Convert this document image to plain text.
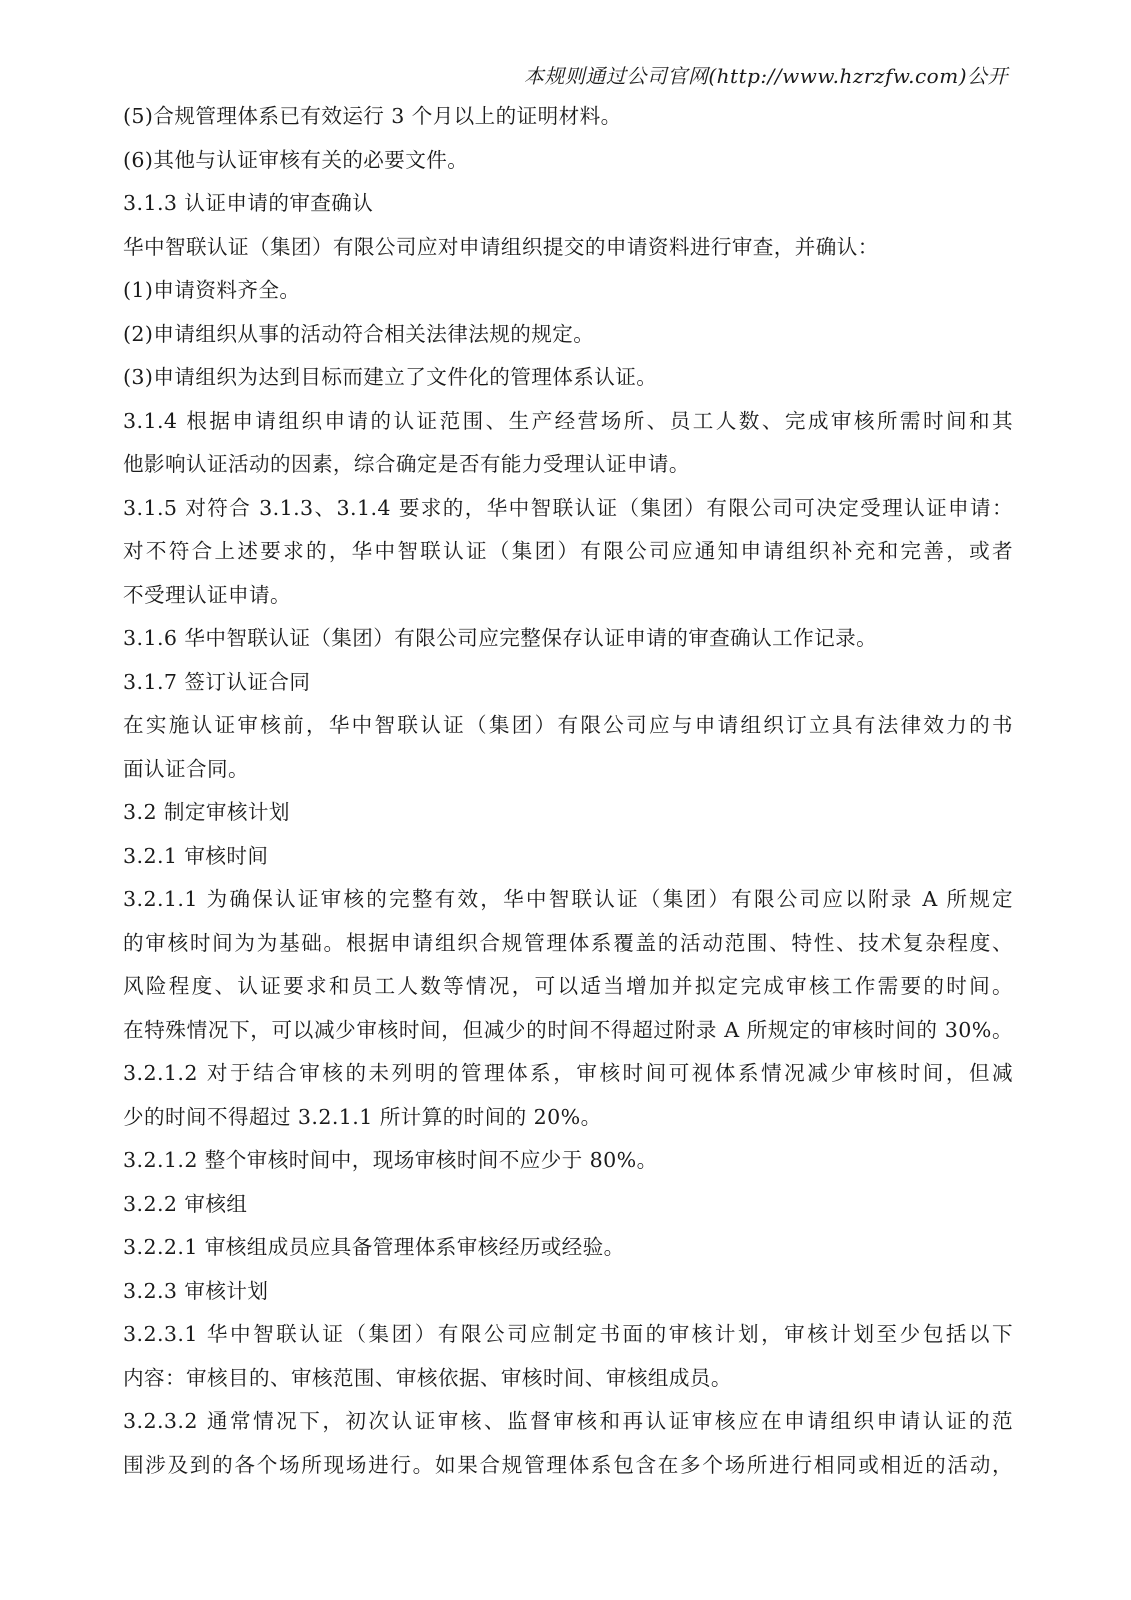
本规则通过公司官网(http://www.hzrzfw.com)公开
(5)合规管理体系已有效运行 3 个月以上的证明材料。
(6)其他与认证审核有关的必要文件。
3.1.3 认证申请的审查确认
华中智联认证（集团）有限公司应对申请组织提交的申请资料进行审查，并确认：
(1)申请资料齐全。
(2)申请组织从事的活动符合相关法律法规的规定。
(3)申请组织为达到目标而建立了文件化的管理体系认证。
3.1.4 根据申请组织申请的认证范围、生产经营场所、员工人数、完成审核所需时间和其
他影响认证活动的因素，综合确定是否有能力受理认证申请。
3.1.5 对符合 3.1.3、3.1.4 要求的，华中智联认证（集团）有限公司可决定受理认证申请：
对不符合上述要求的，华中智联认证（集团）有限公司应通知申请组织补充和完善，或者
不受理认证申请。
3.1.6 华中智联认证（集团）有限公司应完整保存认证申请的审查确认工作记录。
3.1.7 签订认证合同
在实施认证审核前，华中智联认证（集团）有限公司应与申请组织订立具有法律效力的书
面认证合同。
3.2 制定审核计划
3.2.1 审核时间
3.2.1.1 为确保认证审核的完整有效，华中智联认证（集团）有限公司应以附录 A 所规定
的审核时间为为基础。根据申请组织合规管理体系覆盖的活动范围、特性、技术复杂程度、
风险程度、认证要求和员工人数等情况，可以适当增加并拟定完成审核工作需要的时间。
在特殊情况下，可以减少审核时间，但减少的时间不得超过附录 A 所规定的审核时间的 30%。
3.2.1.2 对于结合审核的未列明的管理体系，审核时间可视体系情况减少审核时间，但减
少的时间不得超过 3.2.1.1 所计算的时间的 20%。
3.2.1.2 整个审核时间中，现场审核时间不应少于 80%。
3.2.2 审核组
3.2.2.1 审核组成员应具备管理体系审核经历或经验。
3.2.3 审核计划
3.2.3.1 华中智联认证（集团）有限公司应制定书面的审核计划，审核计划至少包括以下
内容：审核目的、审核范围、审核依据、审核时间、审核组成员。
3.2.3.2 通常情况下，初次认证审核、监督审核和再认证审核应在申请组织申请认证的范
围涉及到的各个场所现场进行。如果合规管理体系包含在多个场所进行相同或相近的活动，
